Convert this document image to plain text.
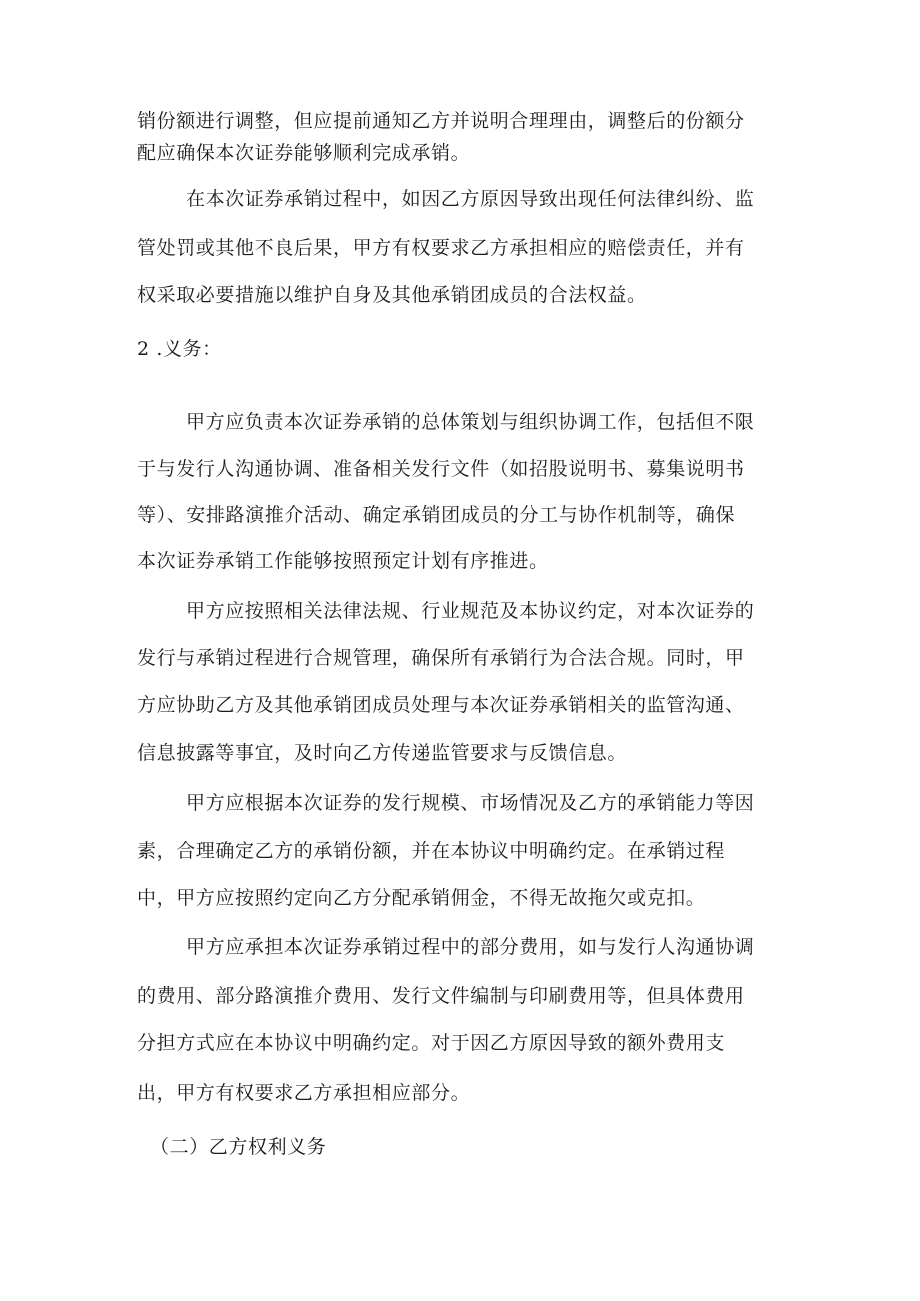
销份额进行调整，但应提前通知乙方并说明合理理由，调整后的份额分
配应确保本次证券能够顺利完成承销。
在本次证券承销过程中，如因乙方原因导致出现任何法律纠纷、监
管处罚或其他不良后果，甲方有权要求乙方承担相应的赔偿责任，并有
权采取必要措施以维护自身及其他承销团成员的合法权益。
2 .义务：
甲方应负责本次证券承销的总体策划与组织协调工作，包括但不限
于与发行人沟通协调、准备相关发行文件（如招股说明书、募集说明书
等）、安排路演推介活动、确定承销团成员的分工与协作机制等，确保
本次证券承销工作能够按照预定计划有序推进。
甲方应按照相关法律法规、行业规范及本协议约定，对本次证券的
发行与承销过程进行合规管理，确保所有承销行为合法合规。同时，甲
方应协助乙方及其他承销团成员处理与本次证券承销相关的监管沟通、
信息披露等事宜，及时向乙方传递监管要求与反馈信息。
甲方应根据本次证券的发行规模、市场情况及乙方的承销能力等因
素，合理确定乙方的承销份额，并在本协议中明确约定。在承销过程
中，甲方应按照约定向乙方分配承销佣金，不得无故拖欠或克扣。
甲方应承担本次证券承销过程中的部分费用，如与发行人沟通协调
的费用、部分路演推介费用、发行文件编制与印刷费用等，但具体费用
分担方式应在本协议中明确约定。对于因乙方原因导致的额外费用支
出，甲方有权要求乙方承担相应部分。
（二）乙方权利义务
